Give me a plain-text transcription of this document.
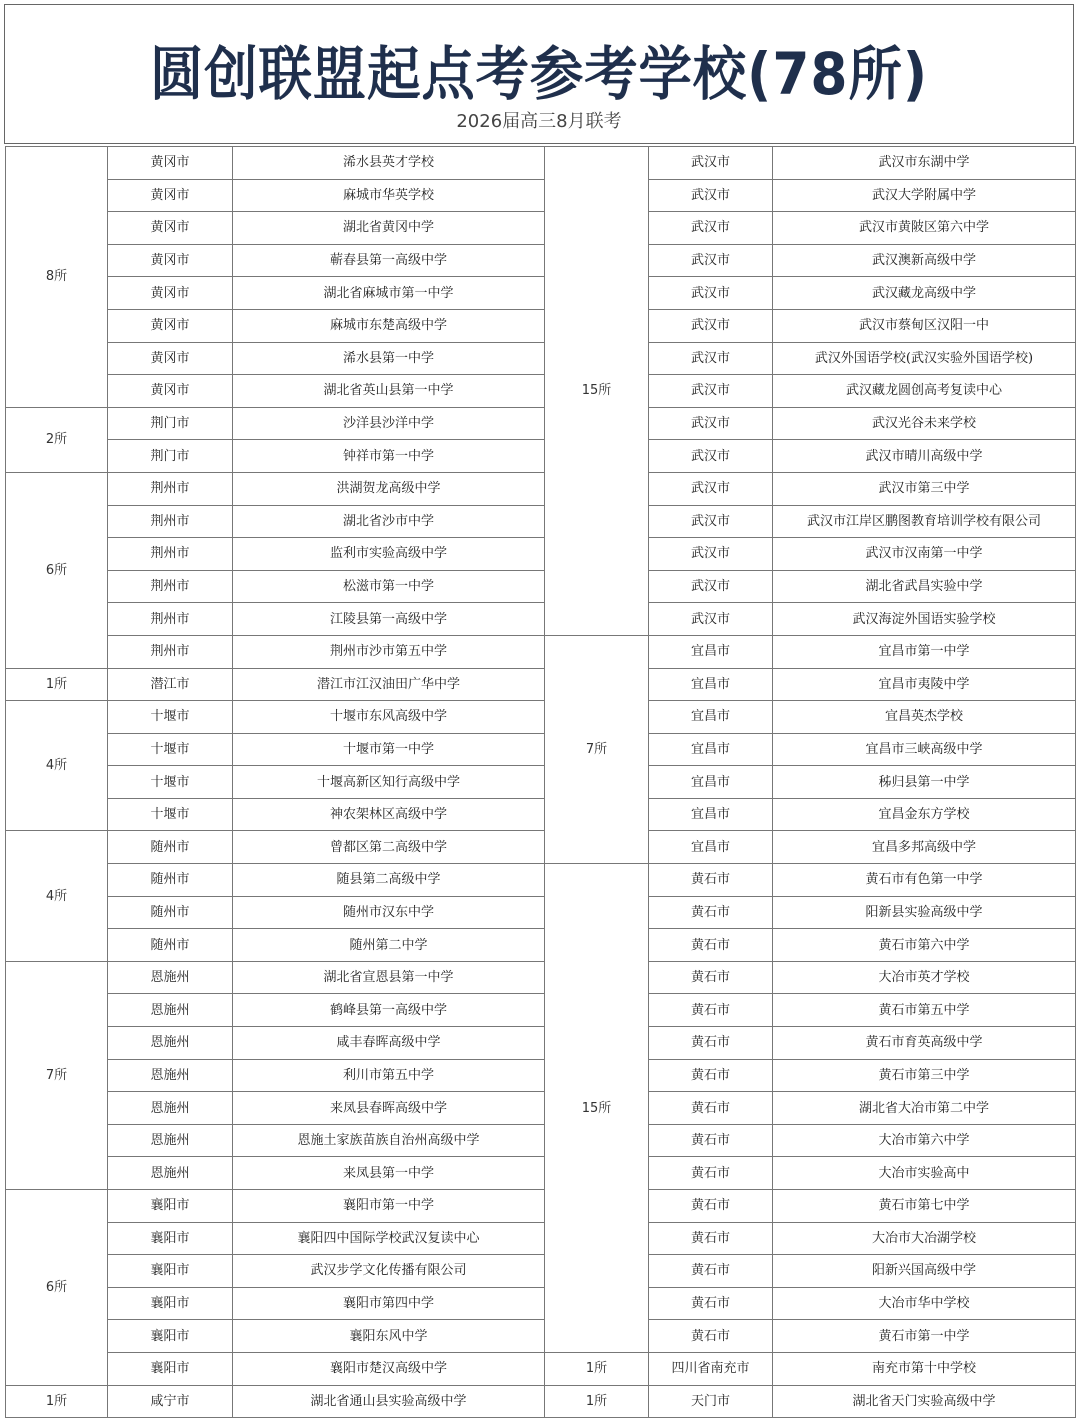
圆创联盟起点考参考学校(78所)
2026届高三8月联考
8所	黄冈市	浠水县英才学校	15所	武汉市	武汉市东湖中学
	黄冈市	麻城市华英学校		武汉市	武汉大学附属中学
	黄冈市	湖北省黄冈中学		武汉市	武汉市黄陂区第六中学
	黄冈市	蕲春县第一高级中学		武汉市	武汉澳新高级中学
	黄冈市	湖北省麻城市第一中学		武汉市	武汉藏龙高级中学
	黄冈市	麻城市东楚高级中学		武汉市	武汉市蔡甸区汉阳一中
	黄冈市	浠水县第一中学		武汉市	武汉外国语学校(武汉实验外国语学校)
	黄冈市	湖北省英山县第一中学		武汉市	武汉藏龙圆创高考复读中心
2所	荆门市	沙洋县沙洋中学		武汉市	武汉光谷未来学校
	荆门市	钟祥市第一中学		武汉市	武汉市晴川高级中学
6所	荆州市	洪湖贺龙高级中学		武汉市	武汉市第三中学
	荆州市	湖北省沙市中学		武汉市	武汉市江岸区鹏图教育培训学校有限公司
	荆州市	监利市实验高级中学		武汉市	武汉市汉南第一中学
	荆州市	松滋市第一中学		武汉市	湖北省武昌实验中学
	荆州市	江陵县第一高级中学		武汉市	武汉海淀外国语实验学校
	荆州市	荆州市沙市第五中学	7所	宜昌市	宜昌市第一中学
1所	潜江市	潜江市江汉油田广华中学		宜昌市	宜昌市夷陵中学
4所	十堰市	十堰市东风高级中学		宜昌市	宜昌英杰学校
	十堰市	十堰市第一中学		宜昌市	宜昌市三峡高级中学
	十堰市	十堰高新区知行高级中学		宜昌市	秭归县第一中学
	十堰市	神农架林区高级中学		宜昌市	宜昌金东方学校
4所	随州市	曾都区第二高级中学		宜昌市	宜昌多邦高级中学
	随州市	随县第二高级中学	15所	黄石市	黄石市有色第一中学
	随州市	随州市汉东中学		黄石市	阳新县实验高级中学
	随州市	随州第二中学		黄石市	黄石市第六中学
7所	恩施州	湖北省宣恩县第一中学		黄石市	大冶市英才学校
	恩施州	鹤峰县第一高级中学		黄石市	黄石市第五中学
	恩施州	咸丰春晖高级中学		黄石市	黄石市育英高级中学
	恩施州	利川市第五中学		黄石市	黄石市第三中学
	恩施州	来凤县春晖高级中学		黄石市	湖北省大冶市第二中学
	恩施州	恩施土家族苗族自治州高级中学		黄石市	大冶市第六中学
	恩施州	来凤县第一中学		黄石市	大冶市实验高中
6所	襄阳市	襄阳市第一中学		黄石市	黄石市第七中学
	襄阳市	襄阳四中国际学校武汉复读中心		黄石市	大冶市大冶湖学校
	襄阳市	武汉步学文化传播有限公司		黄石市	阳新兴国高级中学
	襄阳市	襄阳市第四中学		黄石市	大冶市华中学校
	襄阳市	襄阳东风中学		黄石市	黄石市第一中学
	襄阳市	襄阳市楚汉高级中学	1所	四川省南充市	南充市第十中学校
1所	咸宁市	湖北省通山县实验高级中学	1所	天门市	湖北省天门实验高级中学
